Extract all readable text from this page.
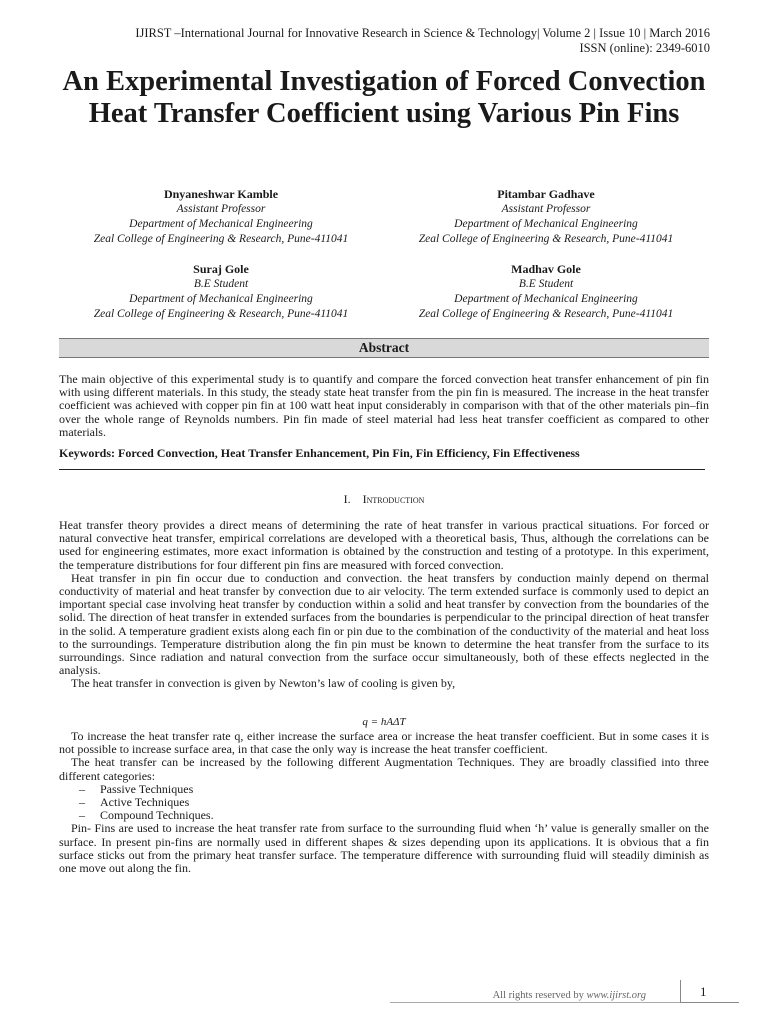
IJIRST –International Journal for Innovative Research in Science & Technology| Volume 2 | Issue 10 | March 2016
ISSN (online): 2349-6010
An Experimental Investigation of Forced Convection Heat Transfer Coefficient using Various Pin Fins
Dnyaneshwar Kamble
Assistant Professor
Department of Mechanical Engineering
Zeal College of Engineering & Research, Pune-411041
Pitambar Gadhave
Assistant Professor
Department of Mechanical Engineering
Zeal College of Engineering & Research, Pune-411041
Suraj Gole
B.E Student
Department of Mechanical Engineering
Zeal College of Engineering & Research, Pune-411041
Madhav Gole
B.E Student
Department of Mechanical Engineering
Zeal College of Engineering & Research, Pune-411041
Abstract
The main objective of this experimental study is to quantify and compare the forced convection heat transfer enhancement of pin fin with using different materials. In this study, the steady state heat transfer from the pin fin is measured. The increase in the heat transfer coefficient was achieved with copper pin fin at 100 watt heat input considerably in comparison with that of the other materials pin–fin over the whole range of Reynolds numbers. Pin fin made of steel material had less heat transfer coefficient as compared to other materials.
Keywords: Forced Convection, Heat Transfer Enhancement, Pin Fin, Fin Efficiency, Fin Effectiveness
I. Introduction

Heat transfer theory provides a direct means of determining the rate of heat transfer in various practical situations. For forced or natural convective heat transfer, empirical correlations are developed with a theoretical basis, Thus, although the correlations can be used for engineering estimates, more exact information is obtained by the construction and testing of a prototype. In this experiment, the temperature distributions for four different pin fins are measured with forced convection.

Heat transfer in pin fin occur due to conduction and convection. the heat transfers by conduction mainly depend on thermal conductivity of material and heat transfer by convection due to air velocity. The term extended surface is commonly used to depict an important special case involving heat transfer by conduction within a solid and heat transfer by convection from the boundaries of the solid. The direction of heat transfer in extended surfaces from the boundaries is perpendicular to the principal direction of heat transfer in the solid. A temperature gradient exists along each fin or pin due to the combination of the conductivity of the material and heat loss to the surroundings. Temperature distribution along the fin pin must be known to determine the heat transfer from the surface to its surroundings. Since radiation and natural convection from the surface occur simultaneously, both of these effects neglected in the analysis.

The heat transfer in convection is given by Newton’s law of cooling is given by,

q = hAΔT

To increase the heat transfer rate q, either increase the surface area or increase the heat transfer coefficient. But in some cases it is not possible to increase surface area, in that case the only way is increase the heat transfer coefficient.

The heat transfer can be increased by the following different Augmentation Techniques. They are broadly classified into three different categories:

– Passive Techniques
– Active Techniques
– Compound Techniques.

Pin- Fins are used to increase the heat transfer rate from surface to the surrounding fluid when ‘h’ value is generally smaller on the surface. In present pin-fins are normally used in different shapes & sizes depending upon its applications. It is obvious that a fin surface sticks out from the primary heat transfer surface. The temperature difference with surrounding fluid will steadily diminish as one move out along the fin.

All rights reserved by www.ijirst.org	1
